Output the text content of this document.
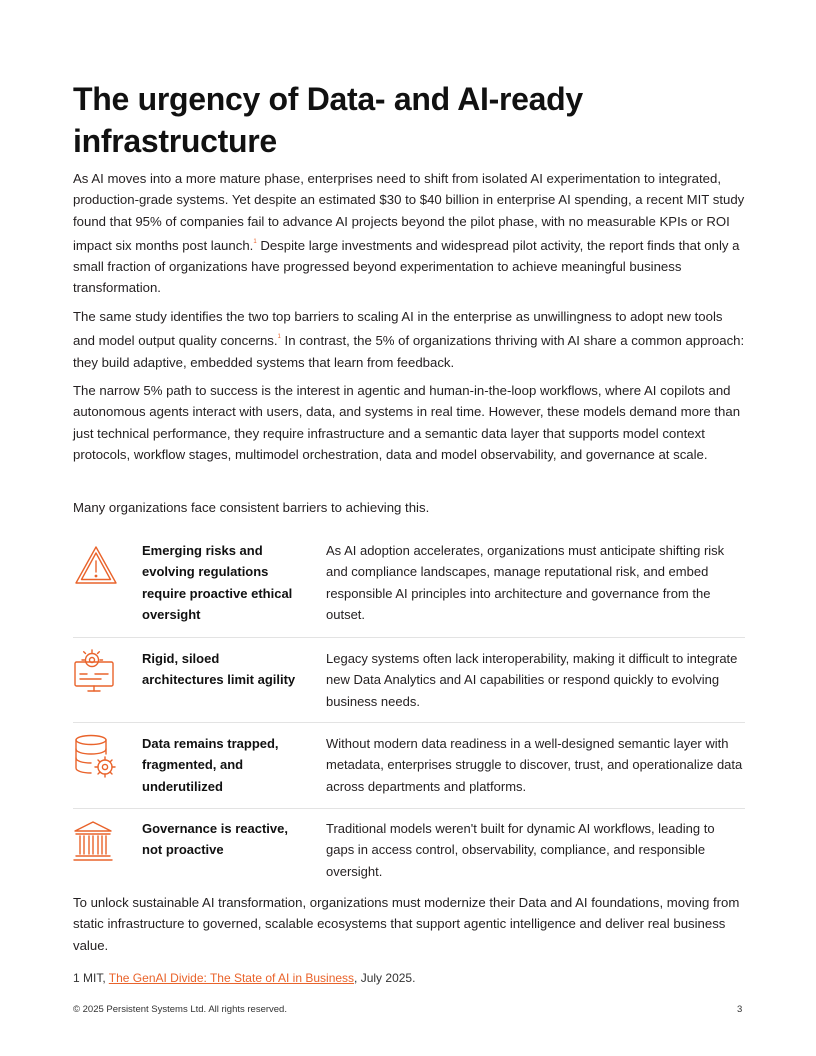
The urgency of Data- and AI-ready infrastructure

As AI moves into a more mature phase, enterprises need to shift from isolated AI experimentation to integrated, production-grade systems. Yet despite an estimated $30 to $40 billion in enterprise AI spending, a recent MIT study found that 95% of companies fail to advance AI projects beyond the pilot phase, with no measurable KPIs or ROI impact six months post launch.$^1$ Despite large investments and widespread pilot activity, the report finds that only a small fraction of organizations have progressed beyond experimentation to achieve meaningful business transformation.

The same study identifies the two top barriers to scaling AI in the enterprise as unwillingness to adopt new tools and model output quality concerns.$^1$ In contrast, the 5% of organizations thriving with AI share a common approach: they build adaptive, embedded systems that learn from feedback.

The narrow 5% path to success is the interest in agentic and human-in-the-loop workflows, where AI copilots and autonomous agents interact with users, data, and systems in real time. However, these models demand more than just technical performance, they require infrastructure and a semantic data layer that supports model context protocols, workflow stages, multimodel orchestration, data and model observability, and governance at scale.

Many organizations face consistent barriers to achieving this.

Emerging risks and evolving regulations require proactive ethical oversight
As AI adoption accelerates, organizations must anticipate shifting risk and compliance landscapes, manage reputational risk, and embed responsible AI principles into architecture and governance from the outset.
Rigid, siloed architectures limit agility
Legacy systems often lack interoperability, making it difficult to integrate new Data Analytics and AI capabilities or respond quickly to evolving business needs.
Data remains trapped, fragmented, and underutilized
Without modern data readiness in a well-designed semantic layer with metadata, enterprises struggle to discover, trust, and operationalize data across departments and platforms.
Governance is reactive, not proactive
Traditional models weren't built for dynamic AI workflows, leading to gaps in access control, observability, compliance, and responsible oversight.

To unlock sustainable AI transformation, organizations must modernize their Data and AI foundations, moving from static infrastructure to governed, scalable ecosystems that support agentic intelligence and deliver real business value.

1 MIT, The GenAI Divide: The State of AI in Business, July 2025.
© 2025 Persistent Systems Ltd. All rights reserved.	3
